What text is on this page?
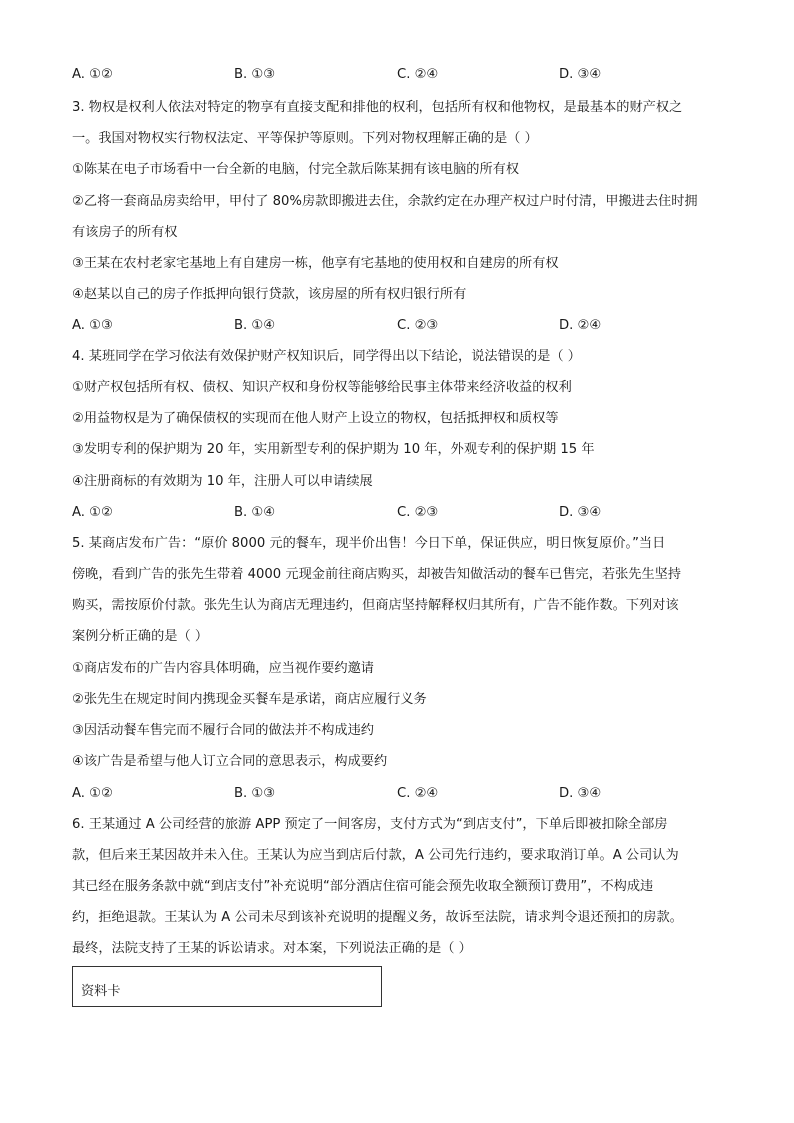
A. ①②	B. ①③	C. ②④	D. ③④
3. 物权是权利人依法对特定的物享有直接支配和排他的权利，包括所有权和他物权，是最基本的财产权之
一。我国对物权实行物权法定、平等保护等原则。下列对物权理解正确的是（ ）
①陈某在电子市场看中一台全新的电脑，付完全款后陈某拥有该电脑的所有权
②乙将一套商品房卖给甲，甲付了 80%房款即搬进去住，余款约定在办理产权过户时付清，甲搬进去住时拥
有该房子的所有权
③王某在农村老家宅基地上有自建房一栋，他享有宅基地的使用权和自建房的所有权
④赵某以自己的房子作抵押向银行贷款，该房屋的所有权归银行所有
A. ①③	B. ①④	C. ②③	D. ②④
4. 某班同学在学习依法有效保护财产权知识后，同学得出以下结论，说法错误的是（ ）
①财产权包括所有权、债权、知识产权和身份权等能够给民事主体带来经济收益的权利
②用益物权是为了确保债权的实现而在他人财产上设立的物权，包括抵押权和质权等
③发明专利的保护期为 20 年，实用新型专利的保护期为 10 年，外观专利的保护期 15 年
④注册商标的有效期为 10 年，注册人可以申请续展
A. ①②	B. ①④	C. ②③	D. ③④
5. 某商店发布广告：“原价 8000 元的餐车，现半价出售！今日下单，保证供应，明日恢复原价。”当日
傍晚，看到广告的张先生带着 4000 元现金前往商店购买，却被告知做活动的餐车已售完，若张先生坚持
购买，需按原价付款。张先生认为商店无理违约，但商店坚持解释权归其所有，广告不能作数。下列对该
案例分析正确的是（ ）
①商店发布的广告内容具体明确，应当视作要约邀请
②张先生在规定时间内携现金买餐车是承诺，商店应履行义务
③因活动餐车售完而不履行合同的做法并不构成违约
④该广告是希望与他人订立合同的意思表示，构成要约
A. ①②	B. ①③	C. ②④	D. ③④
6. 王某通过 A 公司经营的旅游 APP 预定了一间客房，支付方式为“到店支付”，下单后即被扣除全部房
款，但后来王某因故并未入住。王某认为应当到店后付款，A 公司先行违约，要求取消订单。A 公司认为
其已经在服务条款中就“到店支付”补充说明“部分酒店住宿可能会预先收取全额预订费用”，不构成违
约，拒绝退款。王某认为 A 公司未尽到该补充说明的提醒义务，故诉至法院，请求判令退还预扣的房款。
最终，法院支持了王某的诉讼请求。对本案，下列说法正确的是（ ）
资料卡
